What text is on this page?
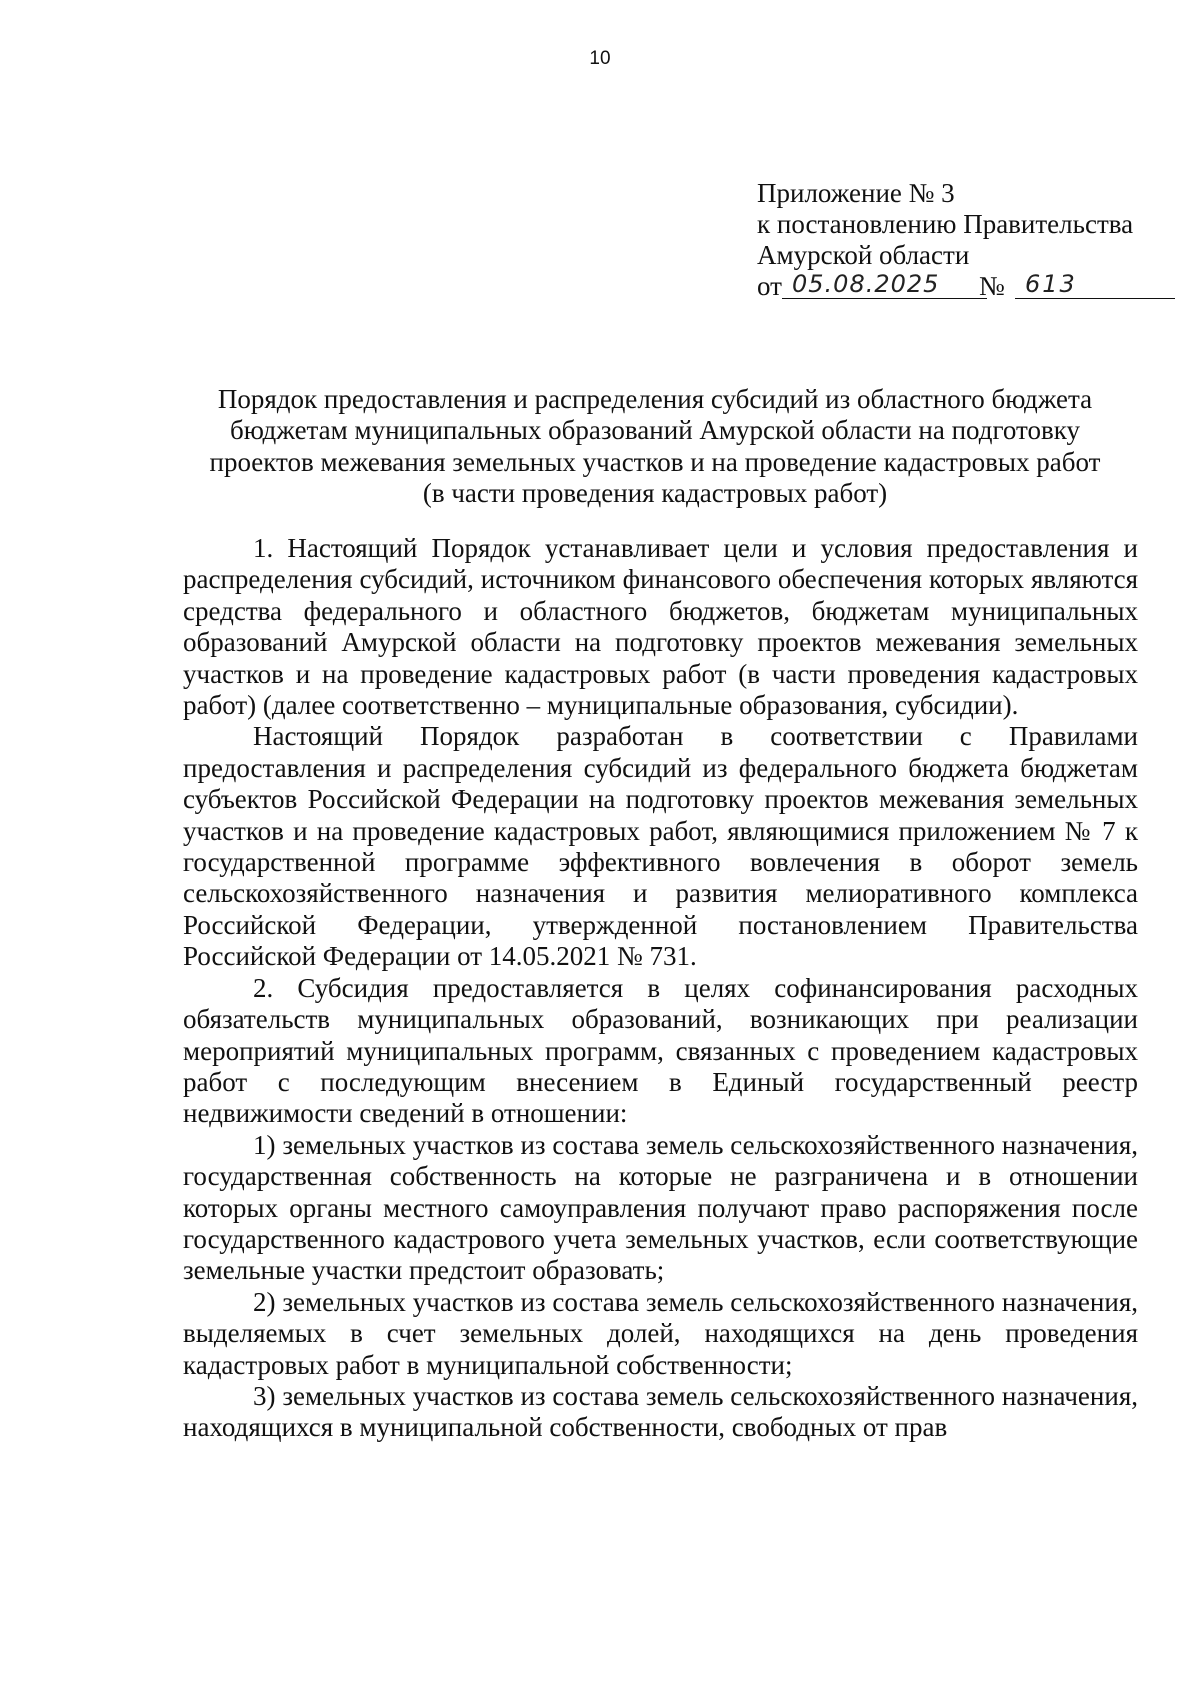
10
Приложение № 3
к постановлению Правительства
Амурской области
от 05.08.2025	№ 613
Порядок предоставления и распределения субсидий из областного бюджета
бюджетам муниципальных образований Амурской области на подготовку
проектов межевания земельных участков и на проведение кадастровых работ
(в части проведения кадастровых работ)

1. Настоящий Порядок устанавливает цели и условия предоставления и распределения субсидий, источником финансового обеспечения которых являются средства федерального и областного бюджетов, бюджетам муниципальных образований Амурской области на подготовку проектов межевания земельных участков и на проведение кадастровых работ (в части проведения кадастровых работ) (далее соответственно – муниципальные образования, субсидии).

Настоящий Порядок разработан в соответствии с Правилами предоставления и распределения субсидий из федерального бюджета бюджетам субъектов Российской Федерации на подготовку проектов межевания земельных участков и на проведение кадастровых работ, являющимися приложением № 7 к государственной программе эффективного вовлечения в оборот земель сельскохозяйственного назначения и развития мелиоративного комплекса Российской Федерации, утвержденной постановлением Правительства Российской Федерации от 14.05.2021 № 731.

2. Субсидия предоставляется в целях софинансирования расходных обязательств муниципальных образований, возникающих при реализации мероприятий муниципальных программ, связанных с проведением кадастровых работ с последующим внесением в Единый государственный реестр недвижимости сведений в отношении:

1) земельных участков из состава земель сельскохозяйственного назначения, государственная собственность на которые не разграничена и в отношении которых органы местного самоуправления получают право распоряжения после государственного кадастрового учета земельных участков, если соответствующие земельные участки предстоит образовать;

2) земельных участков из состава земель сельскохозяйственного назначения, выделяемых в счет земельных долей, находящихся на день проведения кадастровых работ в муниципальной собственности;

3) земельных участков из состава земель сельскохозяйственного назначения, находящихся в муниципальной собственности, свободных от прав
